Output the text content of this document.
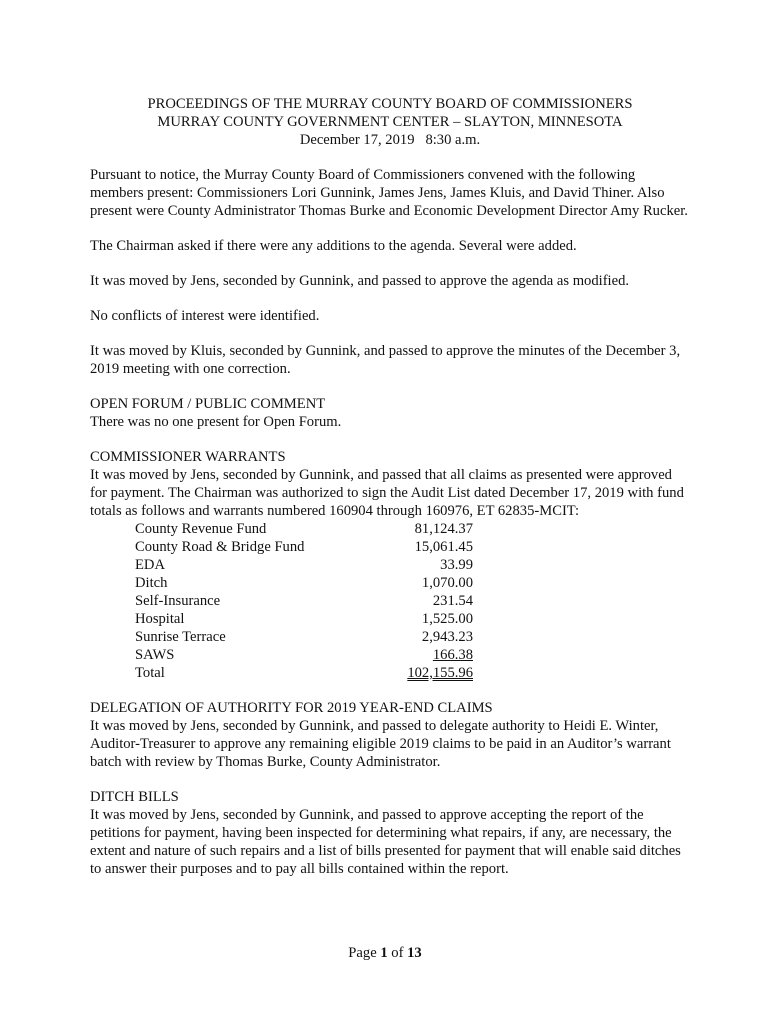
PROCEEDINGS OF THE MURRAY COUNTY BOARD OF COMMISSIONERS

MURRAY COUNTY GOVERNMENT CENTER – SLAYTON, MINNESOTA

December 17, 2019   8:30 a.m.

Pursuant to notice, the Murray County Board of Commissioners convened with the following members present: Commissioners Lori Gunnink, James Jens, James Kluis, and David Thiner. Also present were County Administrator Thomas Burke and Economic Development Director Amy Rucker.

The Chairman asked if there were any additions to the agenda. Several were added.

It was moved by Jens, seconded by Gunnink, and passed to approve the agenda as modified.

No conflicts of interest were identified.

It was moved by Kluis, seconded by Gunnink, and passed to approve the minutes of the December 3, 2019 meeting with one correction.

OPEN FORUM / PUBLIC COMMENT

There was no one present for Open Forum.

COMMISSIONER WARRANTS

It was moved by Jens, seconded by Gunnink, and passed that all claims as presented were approved for payment. The Chairman was authorized to sign the Audit List dated December 17, 2019 with fund totals as follows and warrants numbered 160904 through 160976, ET 62835-MCIT:

County Revenue Fund	81,124.37
County Road & Bridge Fund	15,061.45
EDA	33.99
Ditch	1,070.00
Self-Insurance	231.54
Hospital	1,525.00
Sunrise Terrace	2,943.23
SAWS	166.38
Total	102,155.96

DELEGATION OF AUTHORITY FOR 2019 YEAR-END CLAIMS

It was moved by Jens, seconded by Gunnink, and passed to delegate authority to Heidi E. Winter, Auditor-Treasurer to approve any remaining eligible 2019 claims to be paid in an Auditor’s warrant batch with review by Thomas Burke, County Administrator.

DITCH BILLS

It was moved by Jens, seconded by Gunnink, and passed to approve accepting the report of the petitions for payment, having been inspected for determining what repairs, if any, are necessary, the extent and nature of such repairs and a list of bills presented for payment that will enable said ditches to answer their purposes and to pay all bills contained within the report.

Page 1 of 13
